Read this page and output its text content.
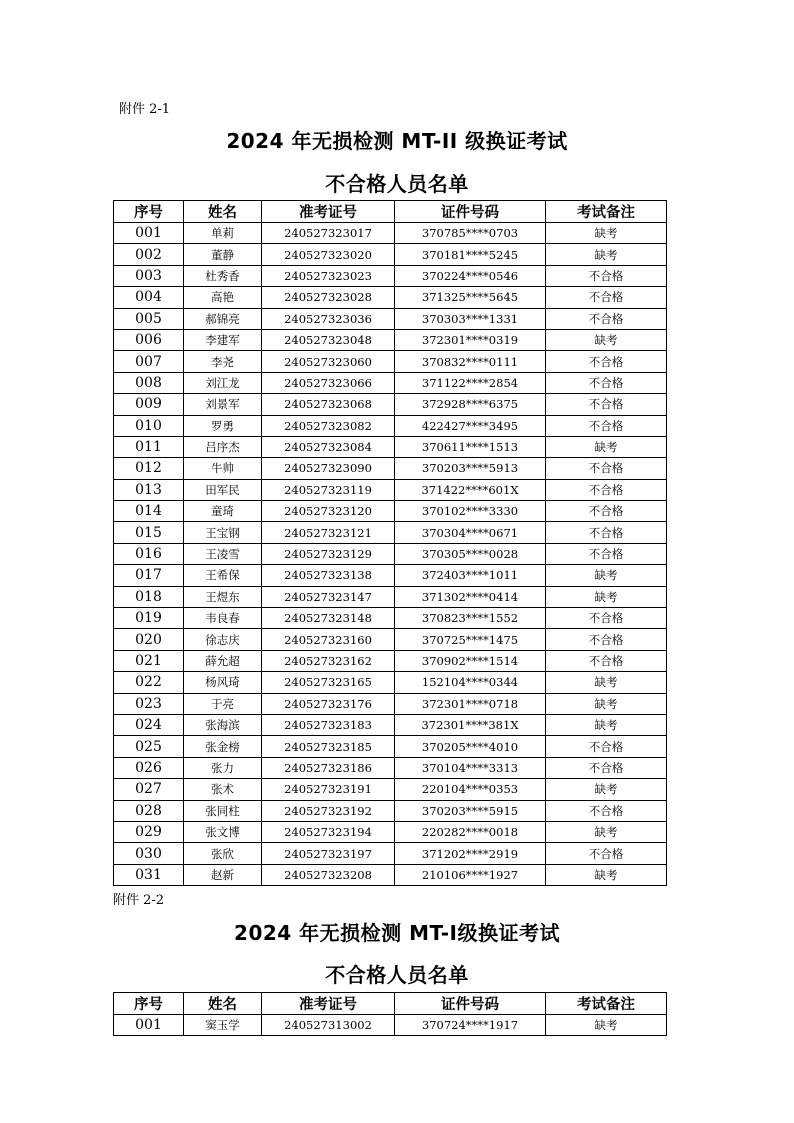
附件 2-1
2024 年无损检测 MT-II 级换证考试
不合格人员名单
序号	姓名	准考证号	证件号码	考试备注
001	单莉	240527323017	370785****0703	缺考
002	董静	240527323020	370181****5245	缺考
003	杜秀香	240527323023	370224****0546	不合格
004	高艳	240527323028	371325****5645	不合格
005	郝锦亮	240527323036	370303****1331	不合格
006	李建军	240527323048	372301****0319	缺考
007	李尧	240527323060	370832****0111	不合格
008	刘江龙	240527323066	371122****2854	不合格
009	刘景军	240527323068	372928****6375	不合格
010	罗勇	240527323082	422427****3495	不合格
011	吕序杰	240527323084	370611****1513	缺考
012	牛帅	240527323090	370203****5913	不合格
013	田军民	240527323119	371422****601X	不合格
014	童琦	240527323120	370102****3330	不合格
015	王宝钢	240527323121	370304****0671	不合格
016	王凌雪	240527323129	370305****0028	不合格
017	王希保	240527323138	372403****1011	缺考
018	王煜东	240527323147	371302****0414	缺考
019	韦良春	240527323148	370823****1552	不合格
020	徐志庆	240527323160	370725****1475	不合格
021	薛允超	240527323162	370902****1514	不合格
022	杨风琦	240527323165	152104****0344	缺考
023	于亮	240527323176	372301****0718	缺考
024	张海滨	240527323183	372301****381X	缺考
025	张金榜	240527323185	370205****4010	不合格
026	张力	240527323186	370104****3313	不合格
027	张术	240527323191	220104****0353	缺考
028	张同柱	240527323192	370203****5915	不合格
029	张文博	240527323194	220282****0018	缺考
030	张欣	240527323197	371202****2919	不合格
031	赵新	240527323208	210106****1927	缺考
附件 2-2
2024 年无损检测 MT-Ⅰ级换证考试
不合格人员名单
序号	姓名	准考证号	证件号码	考试备注
001	窦玉学	240527313002	370724****1917	缺考
